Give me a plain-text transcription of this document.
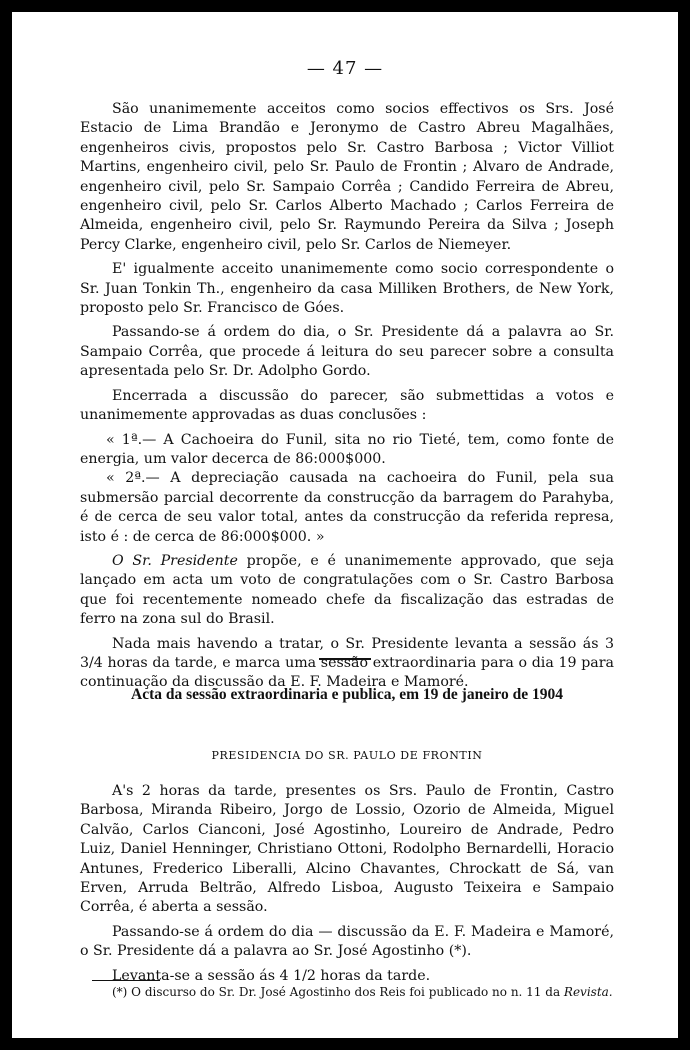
— 47 —

São unanimemente acceitos como socios effectivos os Srs. José Estacio de Lima Brandão e Jeronymo de Castro Abreu Magalhães, engenheiros civis, propostos pelo Sr. Castro Barbosa ; Victor Villiot Martins, engenheiro civil, pelo Sr. Paulo de Frontin ; Alvaro de Andrade, engenheiro civil, pelo Sr. Sampaio Corrêa ; Candido Ferreira de Abreu, engenheiro civil, pelo Sr. Carlos Alberto Machado ; Carlos Ferreira de Almeida, engenheiro civil, pelo Sr. Raymundo Pereira da Silva ; Joseph Percy Clarke, engenheiro civil, pelo Sr. Carlos de Niemeyer.

E' igualmente acceito unanimemente como socio correspondente o Sr. Juan Tonkin Th., engenheiro da casa Milliken Brothers, de New York, proposto pelo Sr. Francisco de Góes.

Passando-se á ordem do dia, o Sr. Presidente dá a palavra ao Sr. Sampaio Corrêa, que procede á leitura do seu parecer sobre a consulta apresentada pelo Sr. Dr. Adolpho Gordo.

Encerrada a discussão do parecer, são submettidas a votos e unanimemente approvadas as duas conclusões :

« 1ª.— A Cachoeira do Funil, sita no rio Tieté, tem, como fonte de energia, um valor decerca de 86:000$000.

« 2ª.— A depreciação causada na cachoeira do Funil, pela sua submersão parcial decorrente da construcção da barragem do Parahyba, é de cerca de seu valor total, antes da construcção da referida represa, isto é : de cerca de 86:000$000. »

O Sr. Presidente propõe, e é unanimemente approvado, que seja lançado em acta um voto de congratulações com o Sr. Castro Barbosa que foi recentemente nomeado chefe da fiscalização das estradas de ferro na zona sul do Brasil.

Nada mais havendo a tratar, o Sr. Presidente levanta a sessão ás 3 3/4 horas da tarde, e marca uma sessão extraordinaria para o dia 19 para continuação da discussão da E. F. Madeira e Mamoré.

Acta da sessão extraordinaria e publica, em 19 de janeiro de 1904
PRESIDENCIA DO SR. PAULO DE FRONTIN

A's 2 horas da tarde, presentes os Srs. Paulo de Frontin, Castro Barbosa, Miranda Ribeiro, Jorgo de Lossio, Ozorio de Almeida, Miguel Calvão, Carlos Cianconi, José Agostinho, Loureiro de Andrade, Pedro Luiz, Daniel Henninger, Christiano Ottoni, Rodolpho Bernardelli, Horacio Antunes, Frederico Liberalli, Alcino Chavantes, Chrockatt de Sá, van Erven, Arruda Beltrão, Alfredo Lisboa, Augusto Teixeira e Sampaio Corrêa, é aberta a sessão.

Passando-se á ordem do dia — discussão da E. F. Madeira e Mamoré, o Sr. Presidente dá a palavra ao Sr. José Agostinho (*).

Levanta-se a sessão ás 4 1/2 horas da tarde.

(*) O discurso do Sr. Dr. José Agostinho dos Reis foi publicado no n. 11 da Revista.
